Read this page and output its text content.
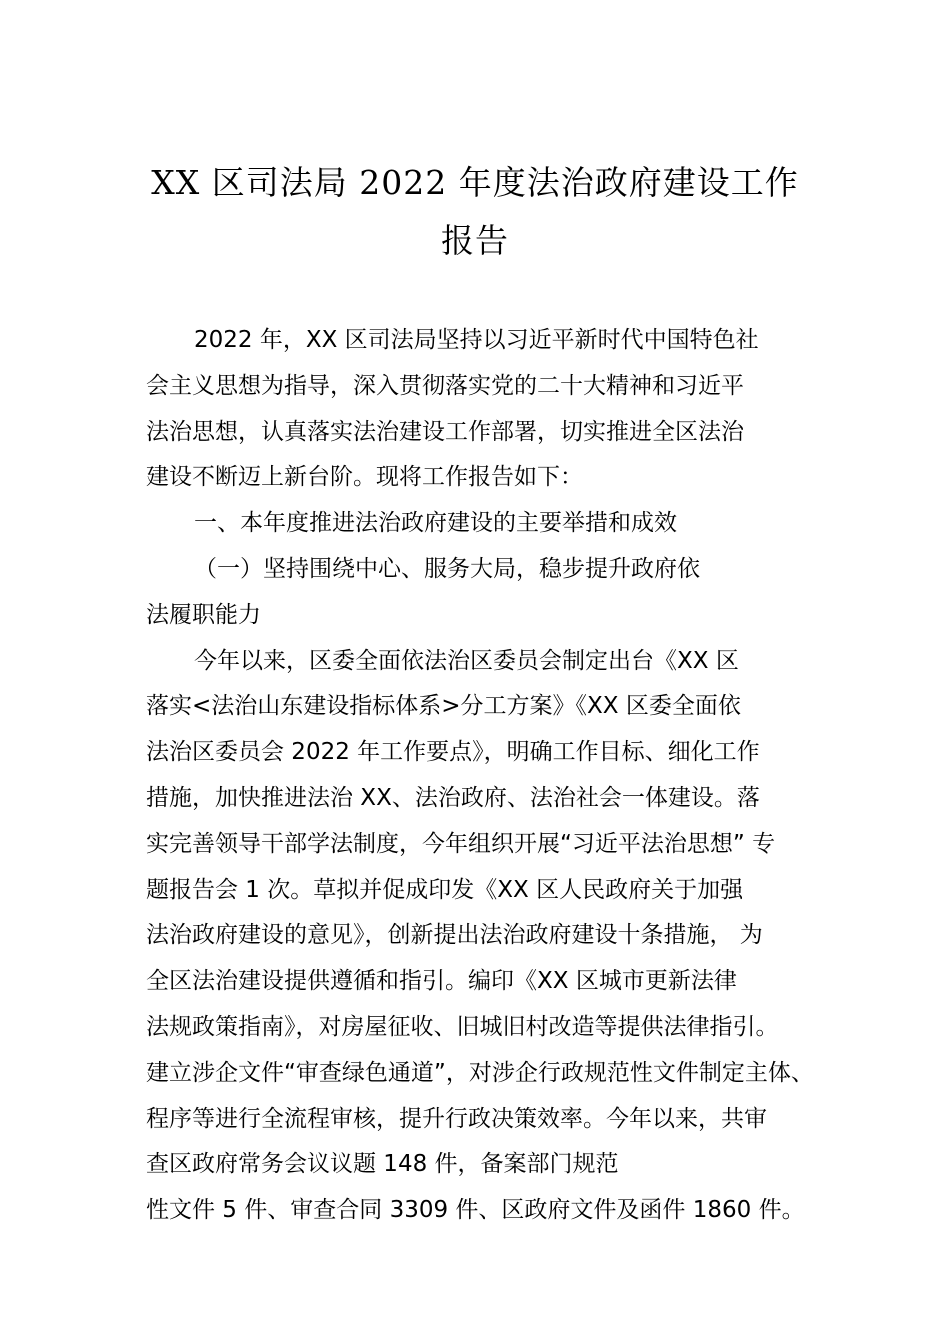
XX 区司法局 2022 年度法治政府建设工作
报告
2022 年，XX 区司法局坚持以习近平新时代中国特色社
会主义思想为指导，深入贯彻落实党的二十大精神和习近平
法治思想，认真落实法治建设工作部署，切实推进全区法治
建设不断迈上新台阶。现将工作报告如下：
一、本年度推进法治政府建设的主要举措和成效
（一）坚持围绕中心、服务大局，稳步提升政府依
法履职能力
今年以来，区委全面依法治区委员会制定出台《XX 区
落实<法治山东建设指标体系>分工方案》《XX 区委全面依
法治区委员会 2022 年工作要点》，明确工作目标、细化工作
措施，加快推进法治 XX、法治政府、法治社会一体建设。落
实完善领导干部学法制度，今年组织开展“习近平法治思想” 专
题报告会 1 次。草拟并促成印发《XX 区人民政府关于加强
法治政府建设的意见》，创新提出法治政府建设十条措施， 为
全区法治建设提供遵循和指引。编印《XX 区城市更新法律
法规政策指南》，对房屋征收、旧城旧村改造等提供法律指引。
建立涉企文件“审查绿色通道”，对涉企行政规范性文件制定主体、
程序等进行全流程审核，提升行政决策效率。今年以来，共审
查区政府常务会议议题 148 件，备案部门规范
性文件 5 件、审查合同 3309 件、区政府文件及函件 1860 件。
